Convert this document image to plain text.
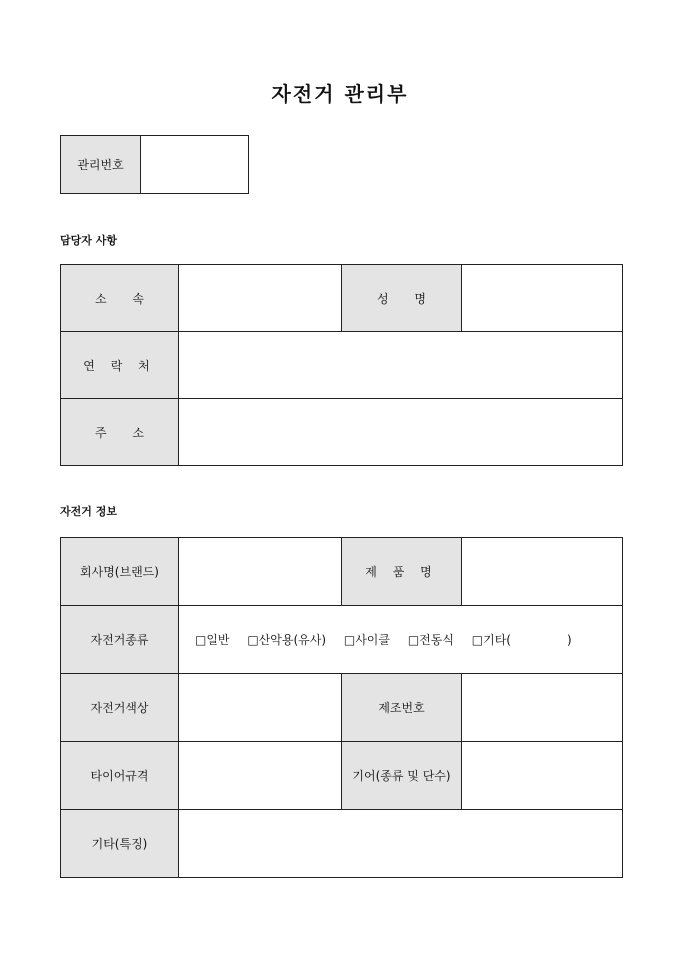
자전거 관리부
관리번호	
담당자 사항
소 속		성 명	
연 락 처			
주 소			
자전거 정보
회사명(브랜드)		제 품 명	
자전거종류	□일반 □산악용(유사) □사이클 □전동식 □기타( )		
자전거색상		제조번호	
타이어규격		기어(종류 및 단수)	
기타(특징)			
